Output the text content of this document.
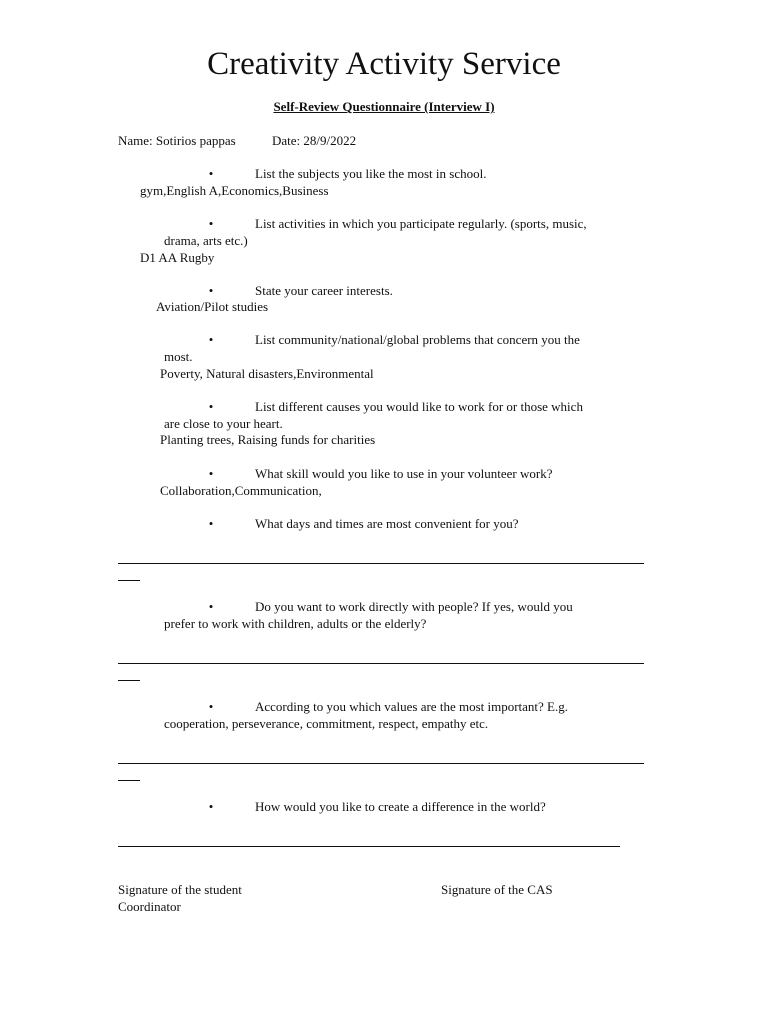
Creativity Activity Service
Self-Review Questionnaire (Interview I)
Name: Sotirios pappas	Date: 28/9/2022
•	List the subjects you like the most in school.
gym,English A,Economics,Business
•	List activities in which you participate regularly. (sports, music,
drama, arts etc.)
D1 AA Rugby
•	State your career interests.
Aviation/Pilot studies
•	List community/national/global problems that concern you the
most.
Poverty, Natural disasters,Environmental
•	List different causes you would like to work for or those which
are close to your heart.
Planting trees, Raising funds for charities
•	What skill would you like to use in your volunteer work?
Collaboration,Communication,
•	What days and times are most convenient for you?
•	Do you want to work directly with people? If yes, would you
prefer to work with children, adults or the elderly?
•	According to you which values are the most important? E.g.
cooperation, perseverance, commitment, respect, empathy etc.
•	How would you like to create a difference in the world?
Signature of the student	Signature of the CAS
Coordinator
